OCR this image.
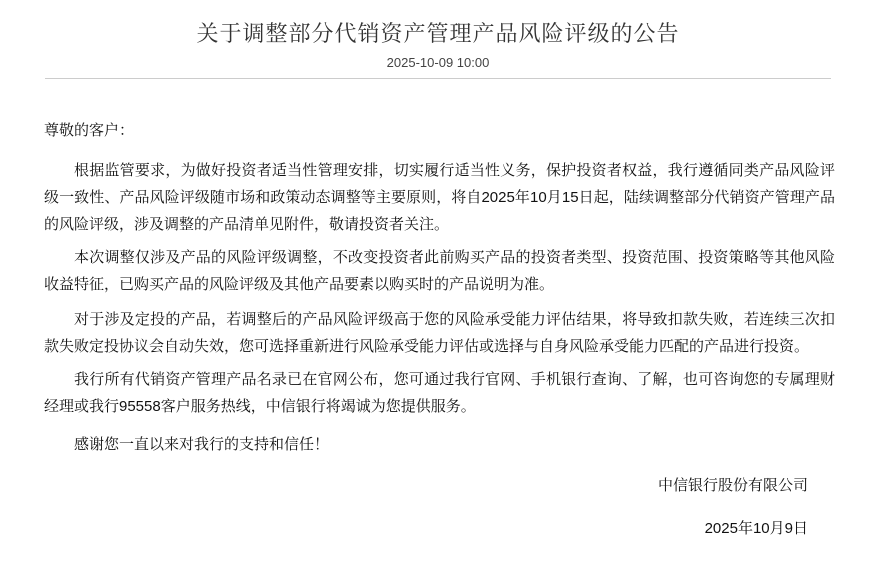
关于调整部分代销资产管理产品风险评级的公告
2025-10-09 10:00

尊敬的客户：

根据监管要求，为做好投资者适当性管理安排，切实履行适当性义务，保护投资者权益，我行遵循同类产品风险评级一致性、产品风险评级随市场和政策动态调整等主要原则，将自2025年10月15日起，陆续调整部分代销资产管理产品的风险评级，涉及调整的产品清单见附件，敬请投资者关注。

本次调整仅涉及产品的风险评级调整，不改变投资者此前购买产品的投资者类型、投资范围、投资策略等其他风险收益特征，已购买产品的风险评级及其他产品要素以购买时的产品说明为准。

对于涉及定投的产品，若调整后的产品风险评级高于您的风险承受能力评估结果，将导致扣款失败，若连续三次扣款失败定投协议会自动失效，您可选择重新进行风险承受能力评估或选择与自身风险承受能力匹配的产品进行投资。

我行所有代销资产管理产品名录已在官网公布，您可通过我行官网、手机银行查询、了解，也可咨询您的专属理财经理或我行95558客户服务热线，中信银行将竭诚为您提供服务。

感谢您一直以来对我行的支持和信任！

中信银行股份有限公司
2025年10月9日
